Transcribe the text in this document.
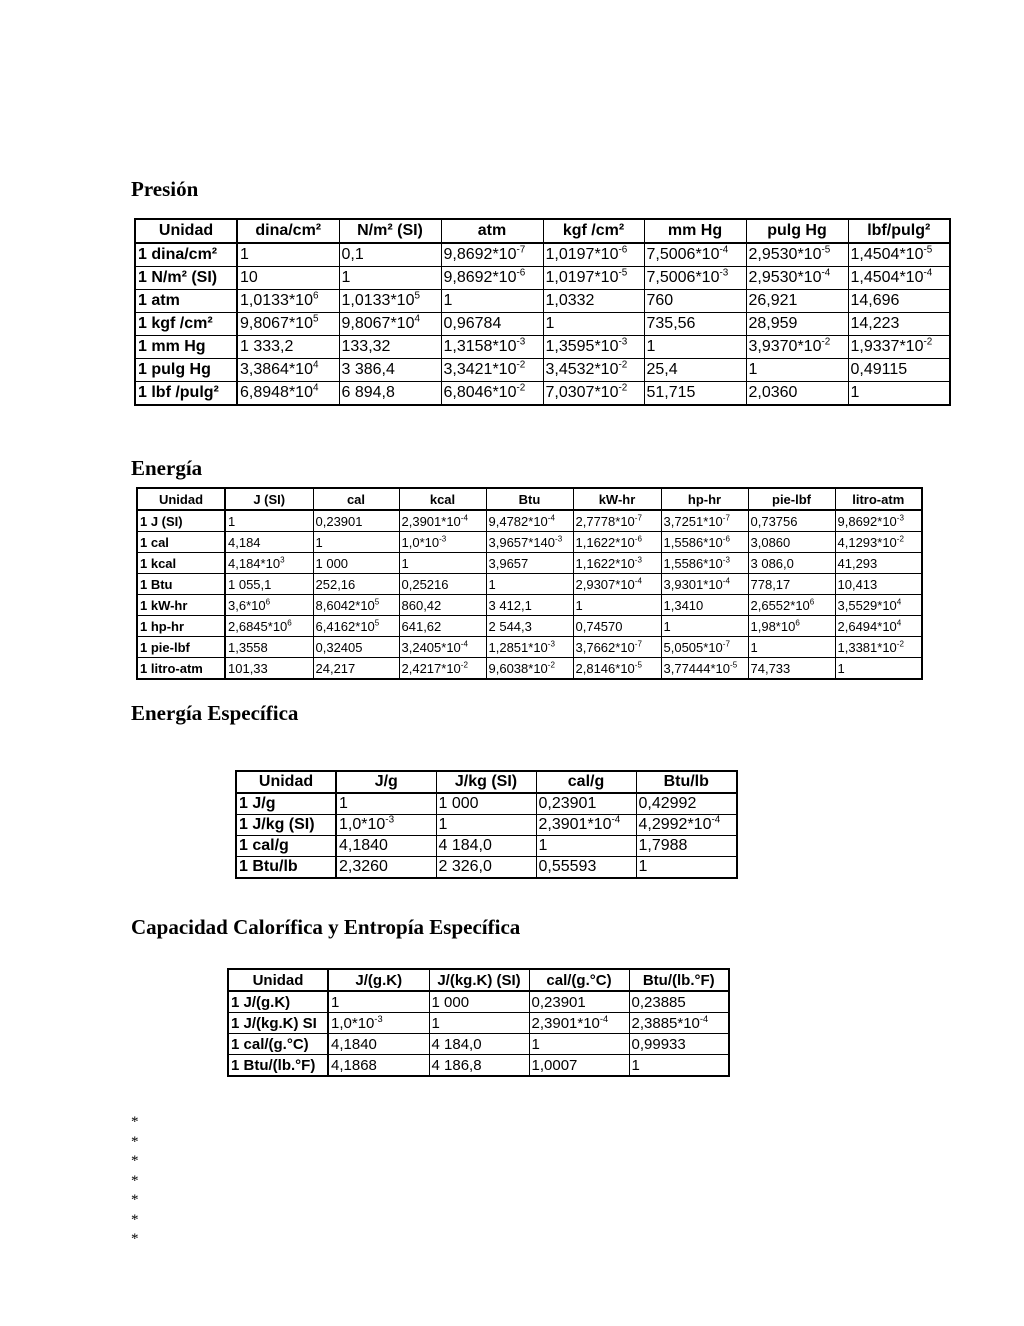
Presión
Unidad	dina/cm²	N/m² (SI)	atm	kgf /cm²	mm Hg	pulg Hg	lbf/pulg²
1 dina/cm²	1	0,1	$9,8692*10^{-7}$	$1,0197*10^{-6}$	$7,5006*10^{-4}$	$2,9530*10^{-5}$	$1,4504*10^{-5}$
1 N/m² (SI)	10	1	$9,8692*10^{-6}$	$1,0197*10^{-5}$	$7,5006*10^{-3}$	$2,9530*10^{-4}$	$1,4504*10^{-4}$
1 atm	$1,0133*10^6$	$1,0133*10^5$	1	1,0332	760	26,921	14,696
1 kgf /cm²	$9,8067*10^5$	$9,8067*10^4$	0,96784	1	735,56	28,959	14,223
1 mm Hg	1 333,2	133,32	$1,3158*10^{-3}$	$1,3595*10^{-3}$	1	$3,9370*10^{-2}$	$1,9337*10^{-2}$
1 pulg Hg	$3,3864*10^4$	3 386,4	$3,3421*10^{-2}$	$3,4532*10^{-2}$	25,4	1	0,49115
1 lbf /pulg²	$6,8948*10^4$	6 894,8	$6,8046*10^{-2}$	$7,0307*10^{-2}$	51,715	2,0360	1
Energía
Unidad	J (SI)	cal	kcal	Btu	kW-hr	hp-hr	pie-lbf	litro-atm
1 J (SI)	1	0,23901	$2,3901*10^{-4}$	$9,4782*10^{-4}$	$2,7778*10^{-7}$	$3,7251*10^{-7}$	0,73756	$9,8692*10^{-3}$
1 cal	4,184	1	$1,0*10^{-3}$	$3,9657*140^{-3}$	$1,1622*10^{-6}$	$1,5586*10^{-6}$	3,0860	$4,1293*10^{-2}$
1 kcal	$4,184*10^3$	1 000	1	3,9657	$1,1622*10^{-3}$	$1,5586*10^{-3}$	3 086,0	41,293
1 Btu	1 055,1	252,16	0,25216	1	$2,9307*10^{-4}$	$3,9301*10^{-4}$	778,17	10,413
1 kW-hr	$3,6*10^6$	$8,6042*10^5$	860,42	3 412,1	1	1,3410	$2,6552*10^6$	$3,5529*10^4$
1 hp-hr	$2,6845*10^6$	$6,4162*10^5$	641,62	2 544,3	0,74570	1	$1,98*10^6$	$2,6494*10^4$
1 pie-lbf	1,3558	0,32405	$3,2405*10^{-4}$	$1,2851*10^{-3}$	$3,7662*10^{-7}$	$5,0505*10^{-7}$	1	$1,3381*10^{-2}$
1 litro-atm	101,33	24,217	$2,4217*10^{-2}$	$9,6038*10^{-2}$	$2,8146*10^{-5}$	$3,77444*10^{-5}$	74,733	1
Energía Específica
Unidad	J/g	J/kg (SI)	cal/g	Btu/lb
1 J/g	1	1 000	0,23901	0,42992
1 J/kg (SI)	$1,0*10^{-3}$	1	$2,3901*10^{-4}$	$4,2992*10^{-4}$
1 cal/g	4,1840	4 184,0	1	1,7988
1 Btu/lb	2,3260	2 326,0	0,55593	1
Capacidad Calorífica y Entropía Específica
Unidad	J/(g.K)	J/(kg.K) (SI)	cal/(g.°C)	Btu/(lb.°F)
1 J/(g.K)	1	1 000	0,23901	0,23885
1 J/(kg.K) SI	$1,0*10^{-3}$	1	$2,3901*10^{-4}$	$2,3885*10^{-4}$
1 cal/(g.°C)	4,1840	4 184,0	1	0,99933
1 Btu/(lb.°F)	4,1868	4 186,8	1,0007	1
*
*
*
*
*
*
*
